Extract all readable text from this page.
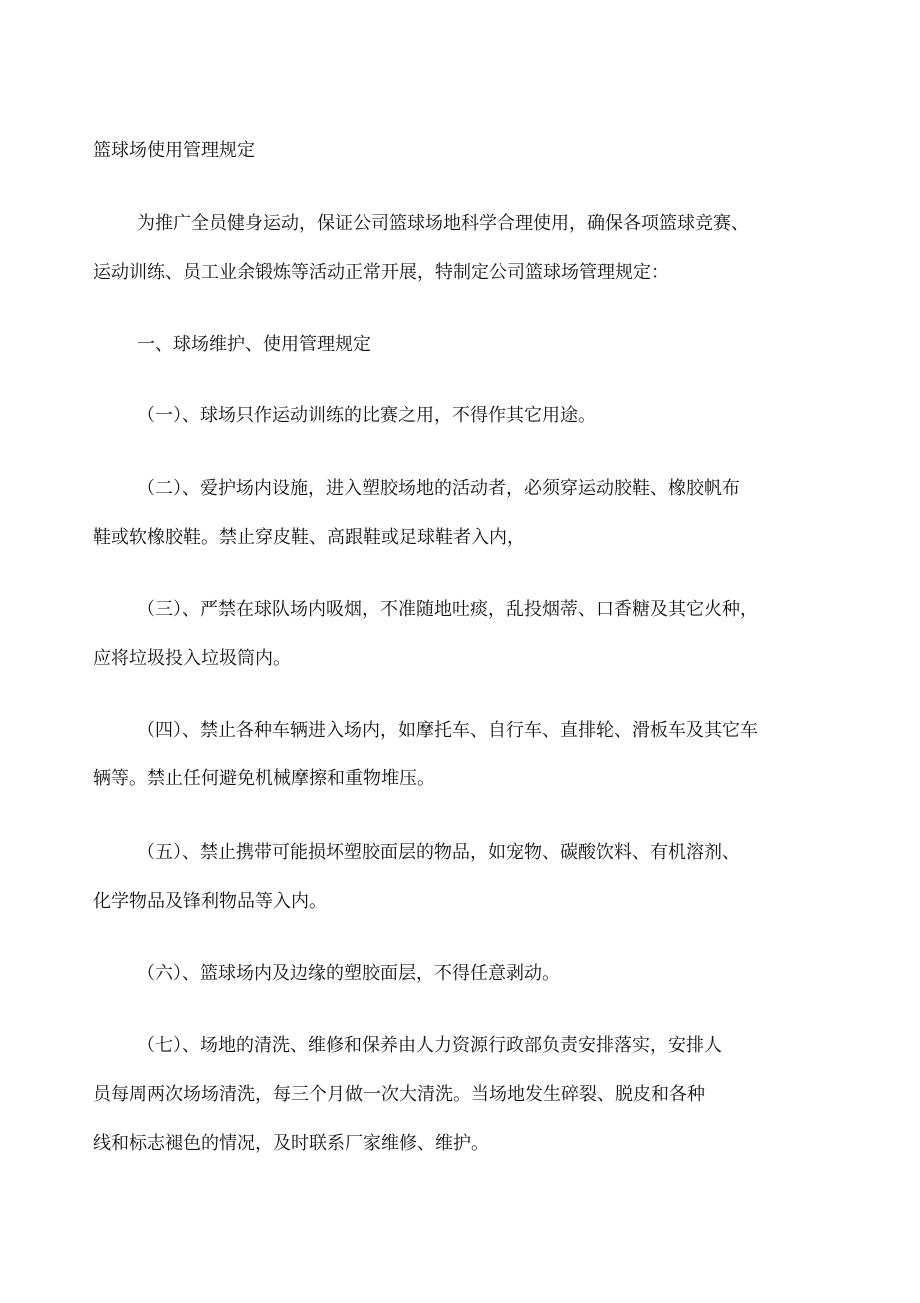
篮球场使用管理规定

为推广全员健身运动，保证公司篮球场地科学合理使用，确保各项篮球竞赛、

运动训练、员工业余锻炼等活动正常开展，特制定公司篮球场管理规定：

一、球场维护、使用管理规定

（一）、球场只作运动训练的比赛之用，不得作其它用途。

（二）、爱护场内设施，进入塑胶场地的活动者，必须穿运动胶鞋、橡胶帆布

鞋或软橡胶鞋。禁止穿皮鞋、高跟鞋或足球鞋者入内，

（三）、严禁在球队场内吸烟，不准随地吐痰，乱投烟蒂、口香糖及其它火种，

应将垃圾投入垃圾筒内。

（四）、禁止各种车辆进入场内，如摩托车、自行车、直排轮、滑板车及其它车

辆等。禁止任何避免机械摩擦和重物堆压。

（五）、禁止携带可能损坏塑胶面层的物品，如宠物、碳酸饮料、有机溶剂、

化学物品及锋利物品等入内。

（六）、篮球场内及边缘的塑胶面层，不得任意剥动。

（七）、场地的清洗、维修和保养由人力资源行政部负责安排落实，安排人

员每周两次场场清洗，每三个月做一次大清洗。当场地发生碎裂、脱皮和各种

线和标志褪色的情况，及时联系厂家维修、维护。
